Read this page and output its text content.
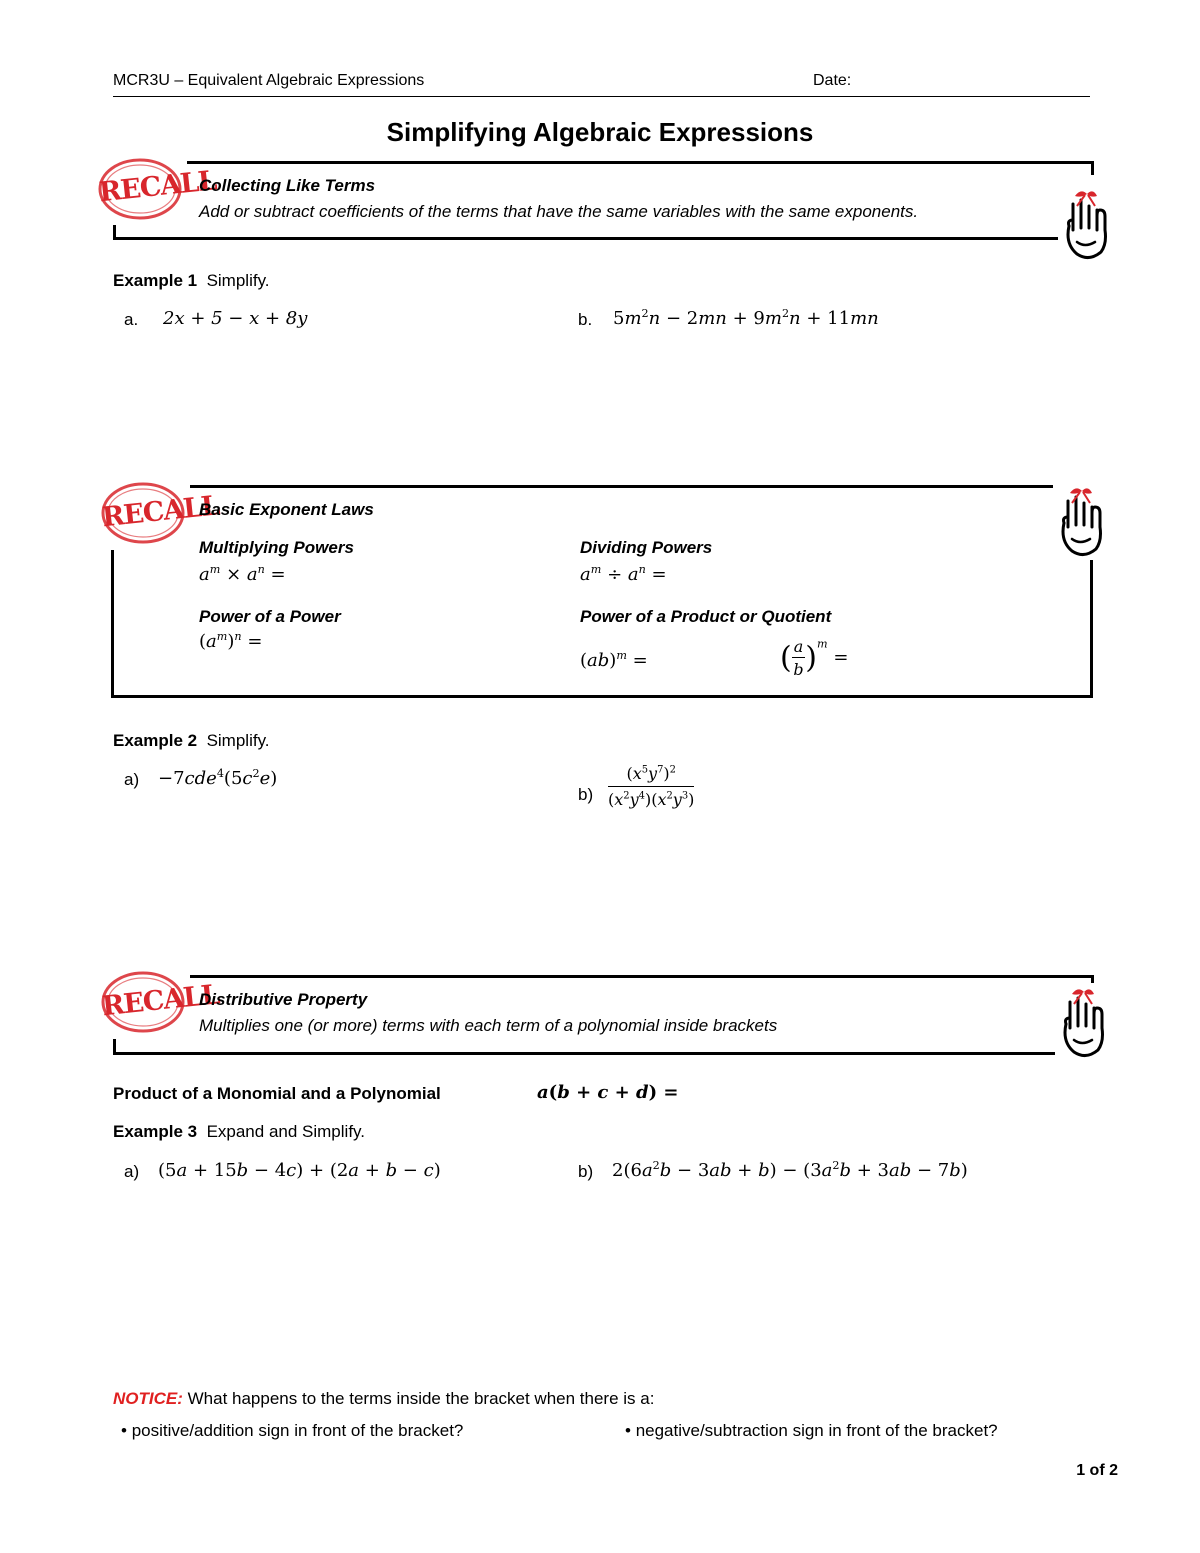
MCR3U – Equivalent Algebraic Expressions	Date:
Simplifying Algebraic Expressions
RECALL
Collecting Like Terms
Add or subtract coefficients of the terms that have the same variables with the same exponents.
Example 1 Simplify.
a. 2x + 5 − x + 8y	b. $5m^2n - 2mn + 9m^2n + 11mn$
RECALL
Basic Exponent Laws
Multiplying Powers
$a^m \times a^n$ =
Dividing Powers
$a^m \div a^n$ =
Power of a Power
$(a^m)^n$ =
Power of a Product or Quotient
(ab)$^m$ =	( $\frac{a}{b} )^m$ =
Example 2 Simplify.
$a) -7cde^4(5c^2e)$
$b) \frac{(x^5y^7)^2}{(x^2y^4)(x^2y^3)}$
RECALL
Distributive Property
Multiplies one (or more) terms with each term of a polynomial inside brackets
Product of a Monomial and a Polynomial	a(b + c + d) =
Example 3 Expand and Simplify.
a) (5a + 15b − 4c) + (2a + b − c)	b) $2(6a^2b - 3ab + b) - (3a^2b + 3ab - 7b)$
NOTICE: What happens to the terms inside the bracket when there is a:
• positive/addition sign in front of the bracket?	• negative/subtraction sign in front of the bracket?
1 of 2
